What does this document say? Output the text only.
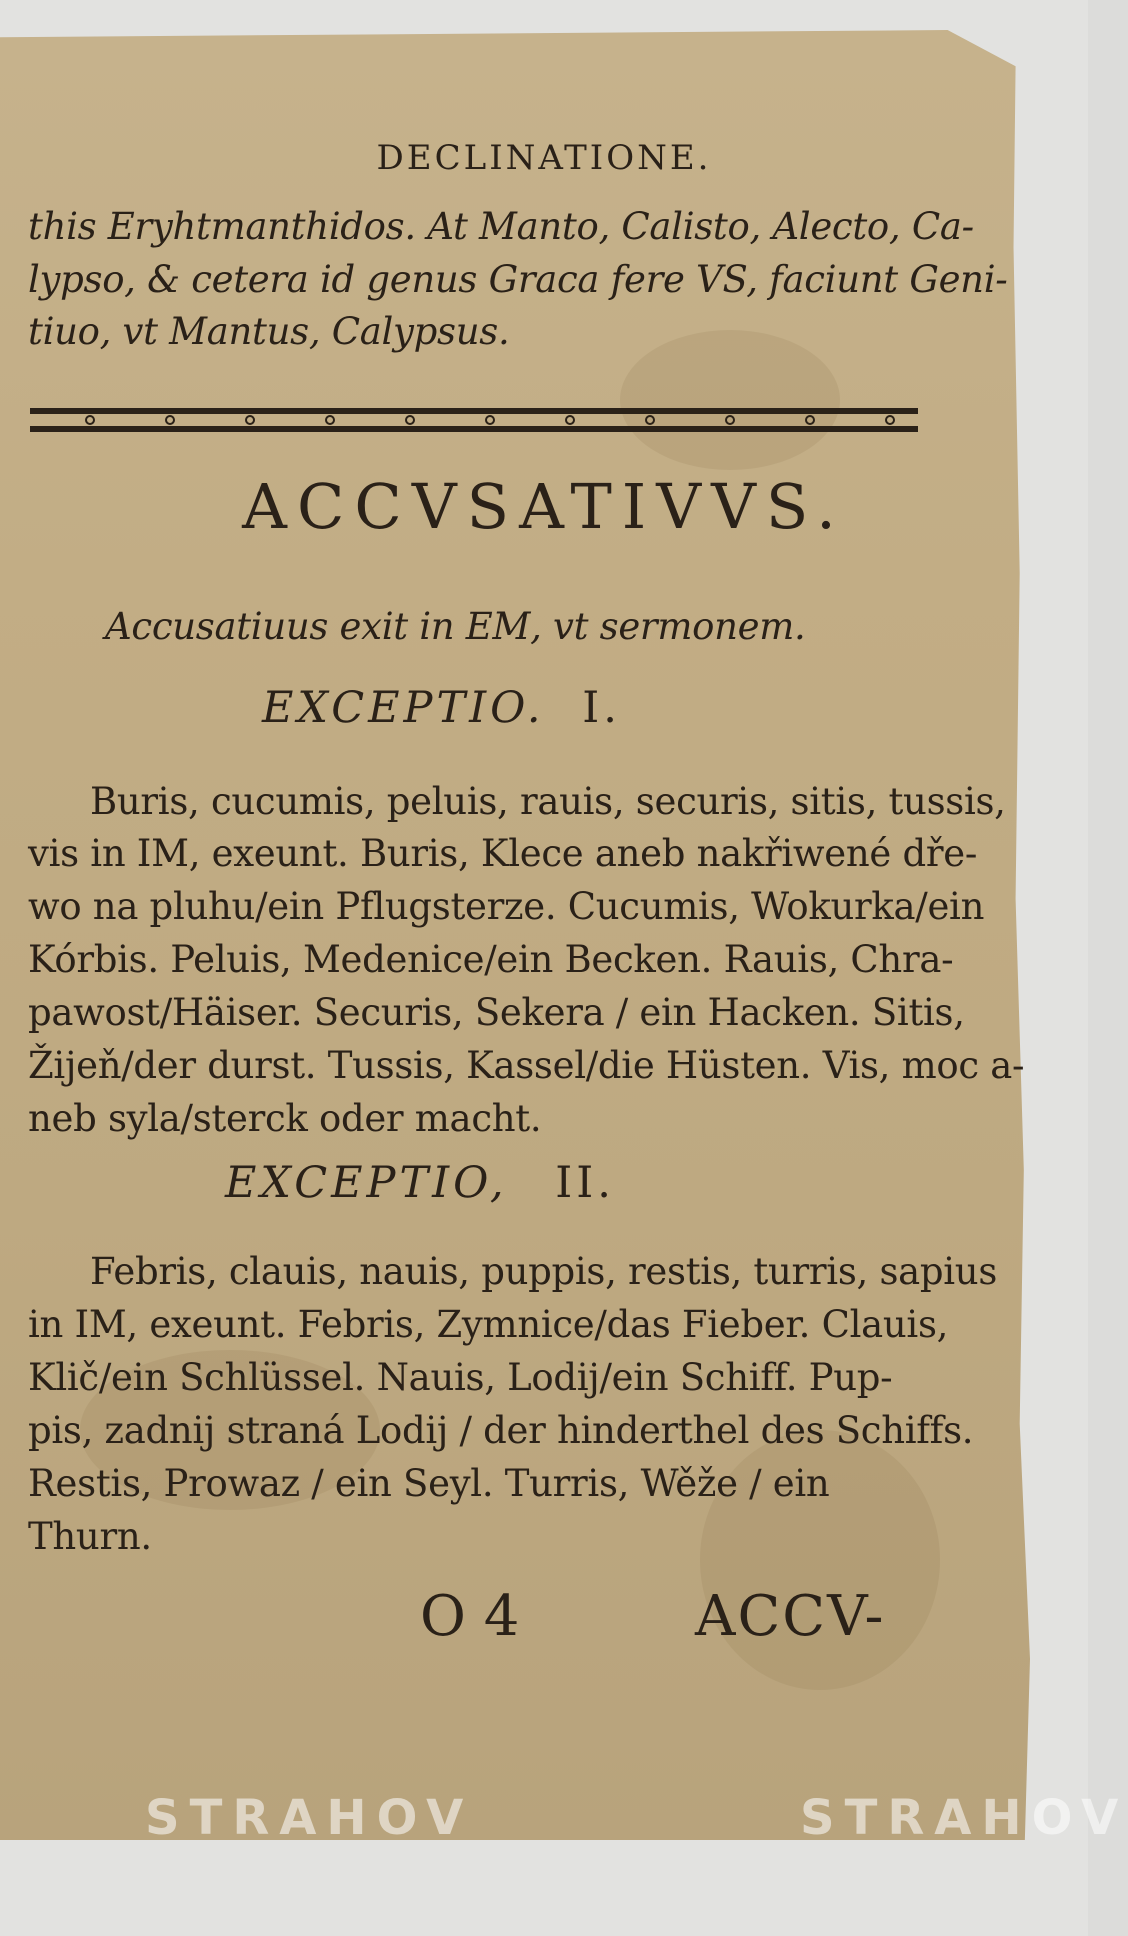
DECLINATIONE.
this Eryhtmanthidos. At Manto, Calisto, Alecto, Ca-
lypso, & cetera id genus Graca fere VS, faciunt Geni-
tiuo, vt Mantus, Calypsus.
ACCVSATIVVS.
Accusatiuus exit in EM, vt sermonem.
EXCEPTIO. I.
Buris, cucumis, peluis, rauis, securis, sitis, tussis,
vis in IM, exeunt. Buris, Klece aneb nakřiwené dře-
wo na pluhu/ein Pflugsterze. Cucumis, Wokurka/ein
Kórbis. Peluis, Medenice/ein Becken. Rauis, Chra-
pawost/Häiser. Securis, Sekera / ein Hacken. Sitis,
Žijeň/der durst. Tussis, Kassel/die Hüsten. Vis, moc a-
neb syla/sterck oder macht.
EXCEPTIO, II.
Febris, clauis, nauis, puppis, restis, turris, sapius
in IM, exeunt. Febris, Zymnice/das Fieber. Clauis,
Klič/ein Schlüssel. Nauis, Lodij/ein Schiff. Pup-
pis, zadnij straná Lodij / der hinderthel des Schiffs.
Restis, Prowaz / ein Seyl. Turris, Wěže / ein
Thurn.
O 4	ACCV-
STRAHOV	STRAHOV
